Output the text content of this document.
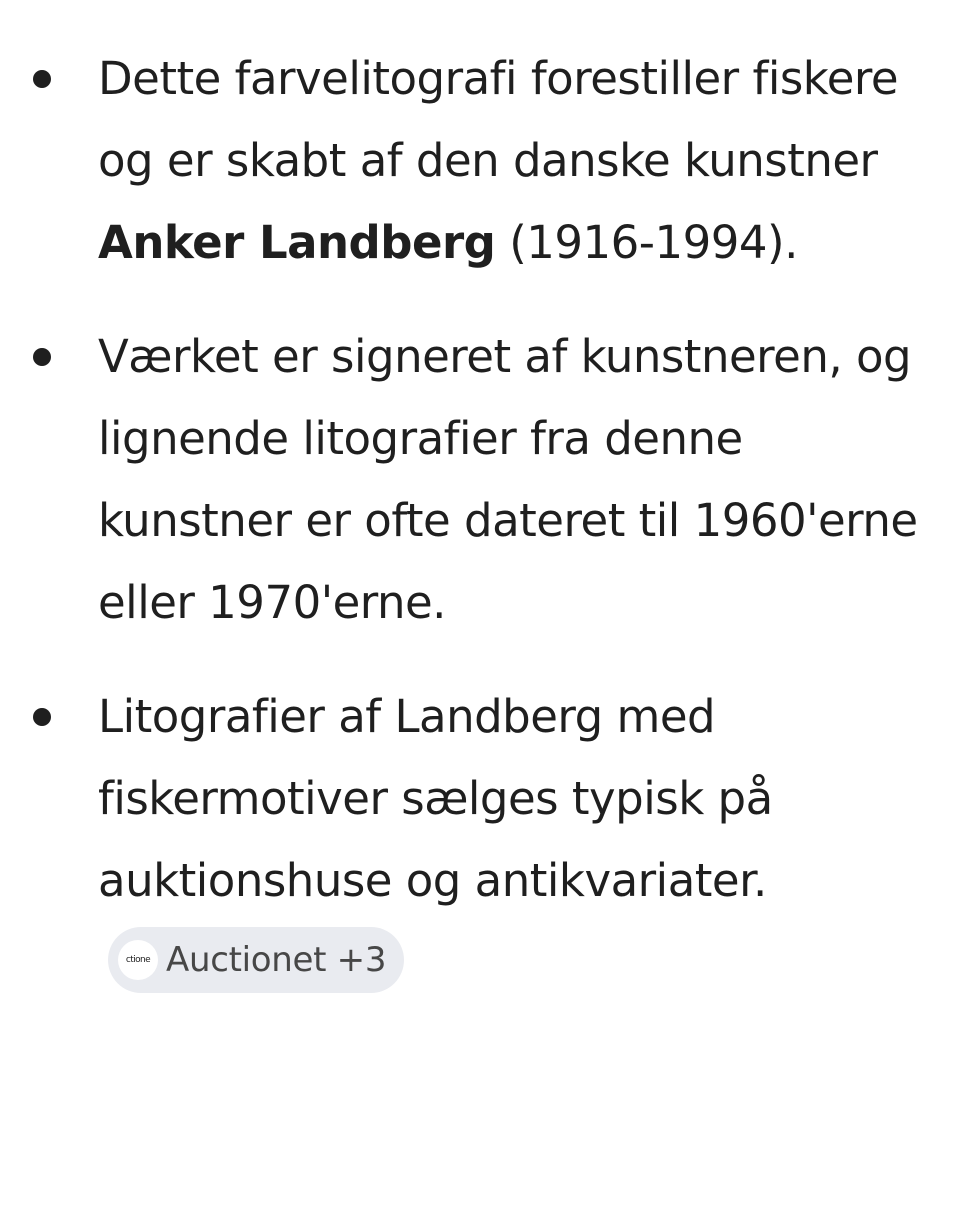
Dette farvelitografi forestiller fiskere og er skabt af den danske kunstner Anker Landberg (1916-1994).
Værket er signeret af kunstneren, og lignende litografier fra denne kunstner er ofte dateret til 1960'erne eller 1970'erne.
Litografier af Landberg med fiskermotiver sælges typisk på auktionshuse og antikvariater.
ctione Auctionet +3
